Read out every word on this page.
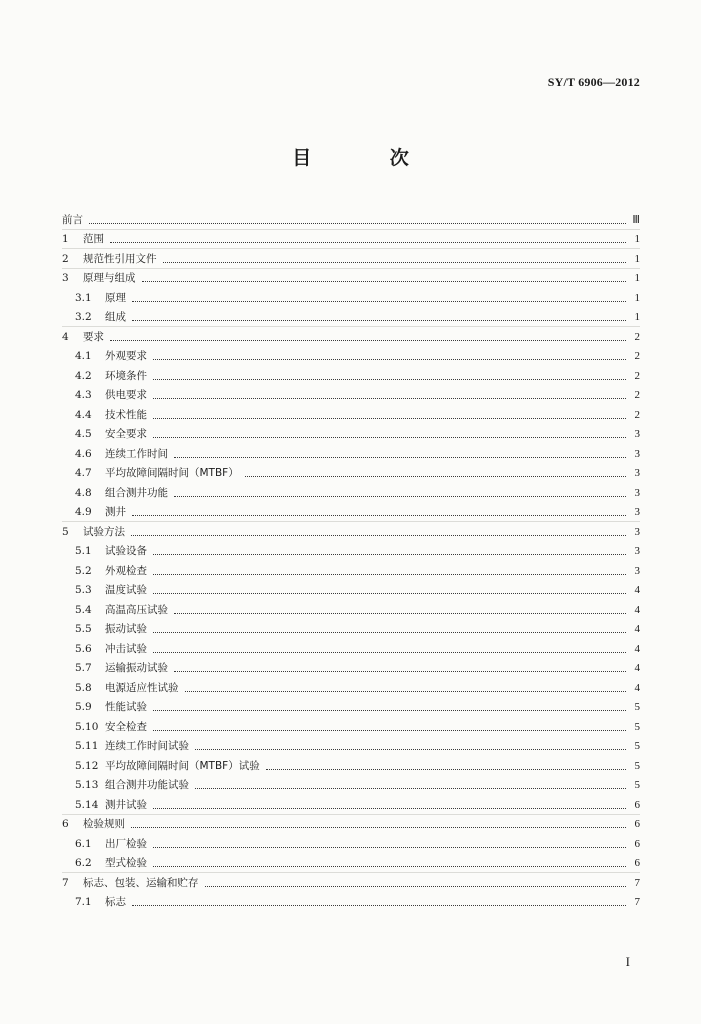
SY/T 6906—2012
目 次
前言	Ⅲ
1	范围	1
2	规范性引用文件	1
3	原理与组成	1
3.1	原理	1
3.2	组成	1
4	要求	2
4.1	外观要求	2
4.2	环境条件	2
4.3	供电要求	2
4.4	技术性能	2
4.5	安全要求	3
4.6	连续工作时间	3
4.7	平均故障间隔时间（MTBF）	3
4.8	组合测井功能	3
4.9	测井	3
5	试验方法	3
5.1	试验设备	3
5.2	外观检查	3
5.3	温度试验	4
5.4	高温高压试验	4
5.5	振动试验	4
5.6	冲击试验	4
5.7	运输振动试验	4
5.8	电源适应性试验	4
5.9	性能试验	5
5.10 安全检查	5
5.11 连续工作时间试验	5
5.12 平均故障间隔时间（MTBF）试验	5
5.13 组合测井功能试验	5
5.14 测井试验	6
6	检验规则	6
6.1	出厂检验	6
6.2	型式检验	6
7	标志、包装、运输和贮存	7
7.1	标志	7
I
